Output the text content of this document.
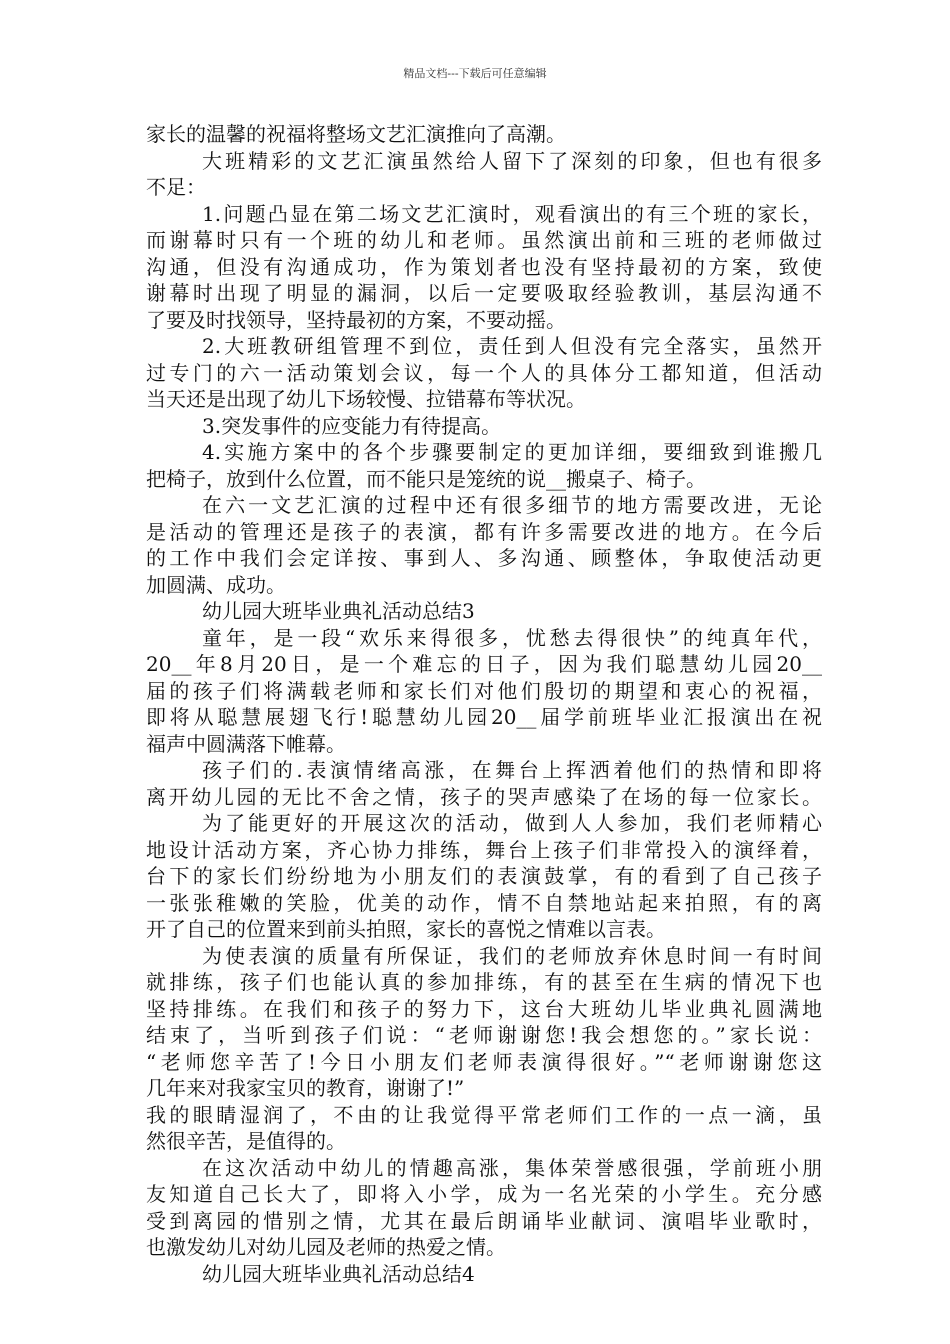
精品文档---下载后可任意编辑
家长的温馨的祝福将整场文艺汇演推向了高潮。
大班精彩的文艺汇演虽然给人留下了深刻的印象，但也有很多
不足：
1.问题凸显在第二场文艺汇演时，观看演出的有三个班的家长，
而谢幕时只有一个班的幼儿和老师。虽然演出前和三班的老师做过
沟通，但没有沟通成功，作为策划者也没有坚持最初的方案，致使
谢幕时出现了明显的漏洞，以后一定要吸取经验教训，基层沟通不
了要及时找领导，坚持最初的方案，不要动摇。
2.大班教研组管理不到位，责任到人但没有完全落实，虽然开
过专门的六一活动策划会议，每一个人的具体分工都知道，但活动
当天还是出现了幼儿下场较慢、拉错幕布等状况。
3.突发事件的应变能力有待提高。
4.实施方案中的各个步骤要制定的更加详细，要细致到谁搬几
把椅子，放到什么位置，而不能只是笼统的说__搬桌子、椅子。
在六一文艺汇演的过程中还有很多细节的地方需要改进，无论
是活动的管理还是孩子的表演，都有许多需要改进的地方。在今后
的工作中我们会定详按、事到人、多沟通、顾整体，争取使活动更
加圆满、成功。
幼儿园大班毕业典礼活动总结3
童年，是一段“欢乐来得很多，忧愁去得很快”的纯真年代，
20__年8月20日，是一个难忘的日子，因为我们聪慧幼儿园20__
届的孩子们将满载老师和家长们对他们殷切的期望和衷心的祝福，
即将从聪慧展翅飞行!聪慧幼儿园20__届学前班毕业汇报演出在祝
福声中圆满落下帷幕。
孩子们的.表演情绪高涨，在舞台上挥洒着他们的热情和即将
离开幼儿园的无比不舍之情，孩子的哭声感染了在场的每一位家长。
为了能更好的开展这次的活动，做到人人参加，我们老师精心
地设计活动方案，齐心协力排练，舞台上孩子们非常投入的演绎着，
台下的家长们纷纷地为小朋友们的表演鼓掌，有的看到了自己孩子
一张张稚嫩的笑脸，优美的动作，情不自禁地站起来拍照，有的离
开了自己的位置来到前头拍照，家长的喜悦之情难以言表。
为使表演的质量有所保证，我们的老师放弃休息时间一有时间
就排练，孩子们也能认真的参加排练，有的甚至在生病的情况下也
坚持排练。在我们和孩子的努力下，这台大班幼儿毕业典礼圆满地
结束了，当听到孩子们说：“老师谢谢您!我会想您的。”家长说：
“老师您辛苦了!今日小朋友们老师表演得很好。”“老师谢谢您这
几年来对我家宝贝的教育，谢谢了!”
我的眼睛湿润了，不由的让我觉得平常老师们工作的一点一滴，虽
然很辛苦，是值得的。
在这次活动中幼儿的情趣高涨，集体荣誉感很强，学前班小朋
友知道自己长大了，即将入小学，成为一名光荣的小学生。充分感
受到离园的惜别之情，尤其在最后朗诵毕业献词、演唱毕业歌时，
也激发幼儿对幼儿园及老师的热爱之情。
幼儿园大班毕业典礼活动总结4
